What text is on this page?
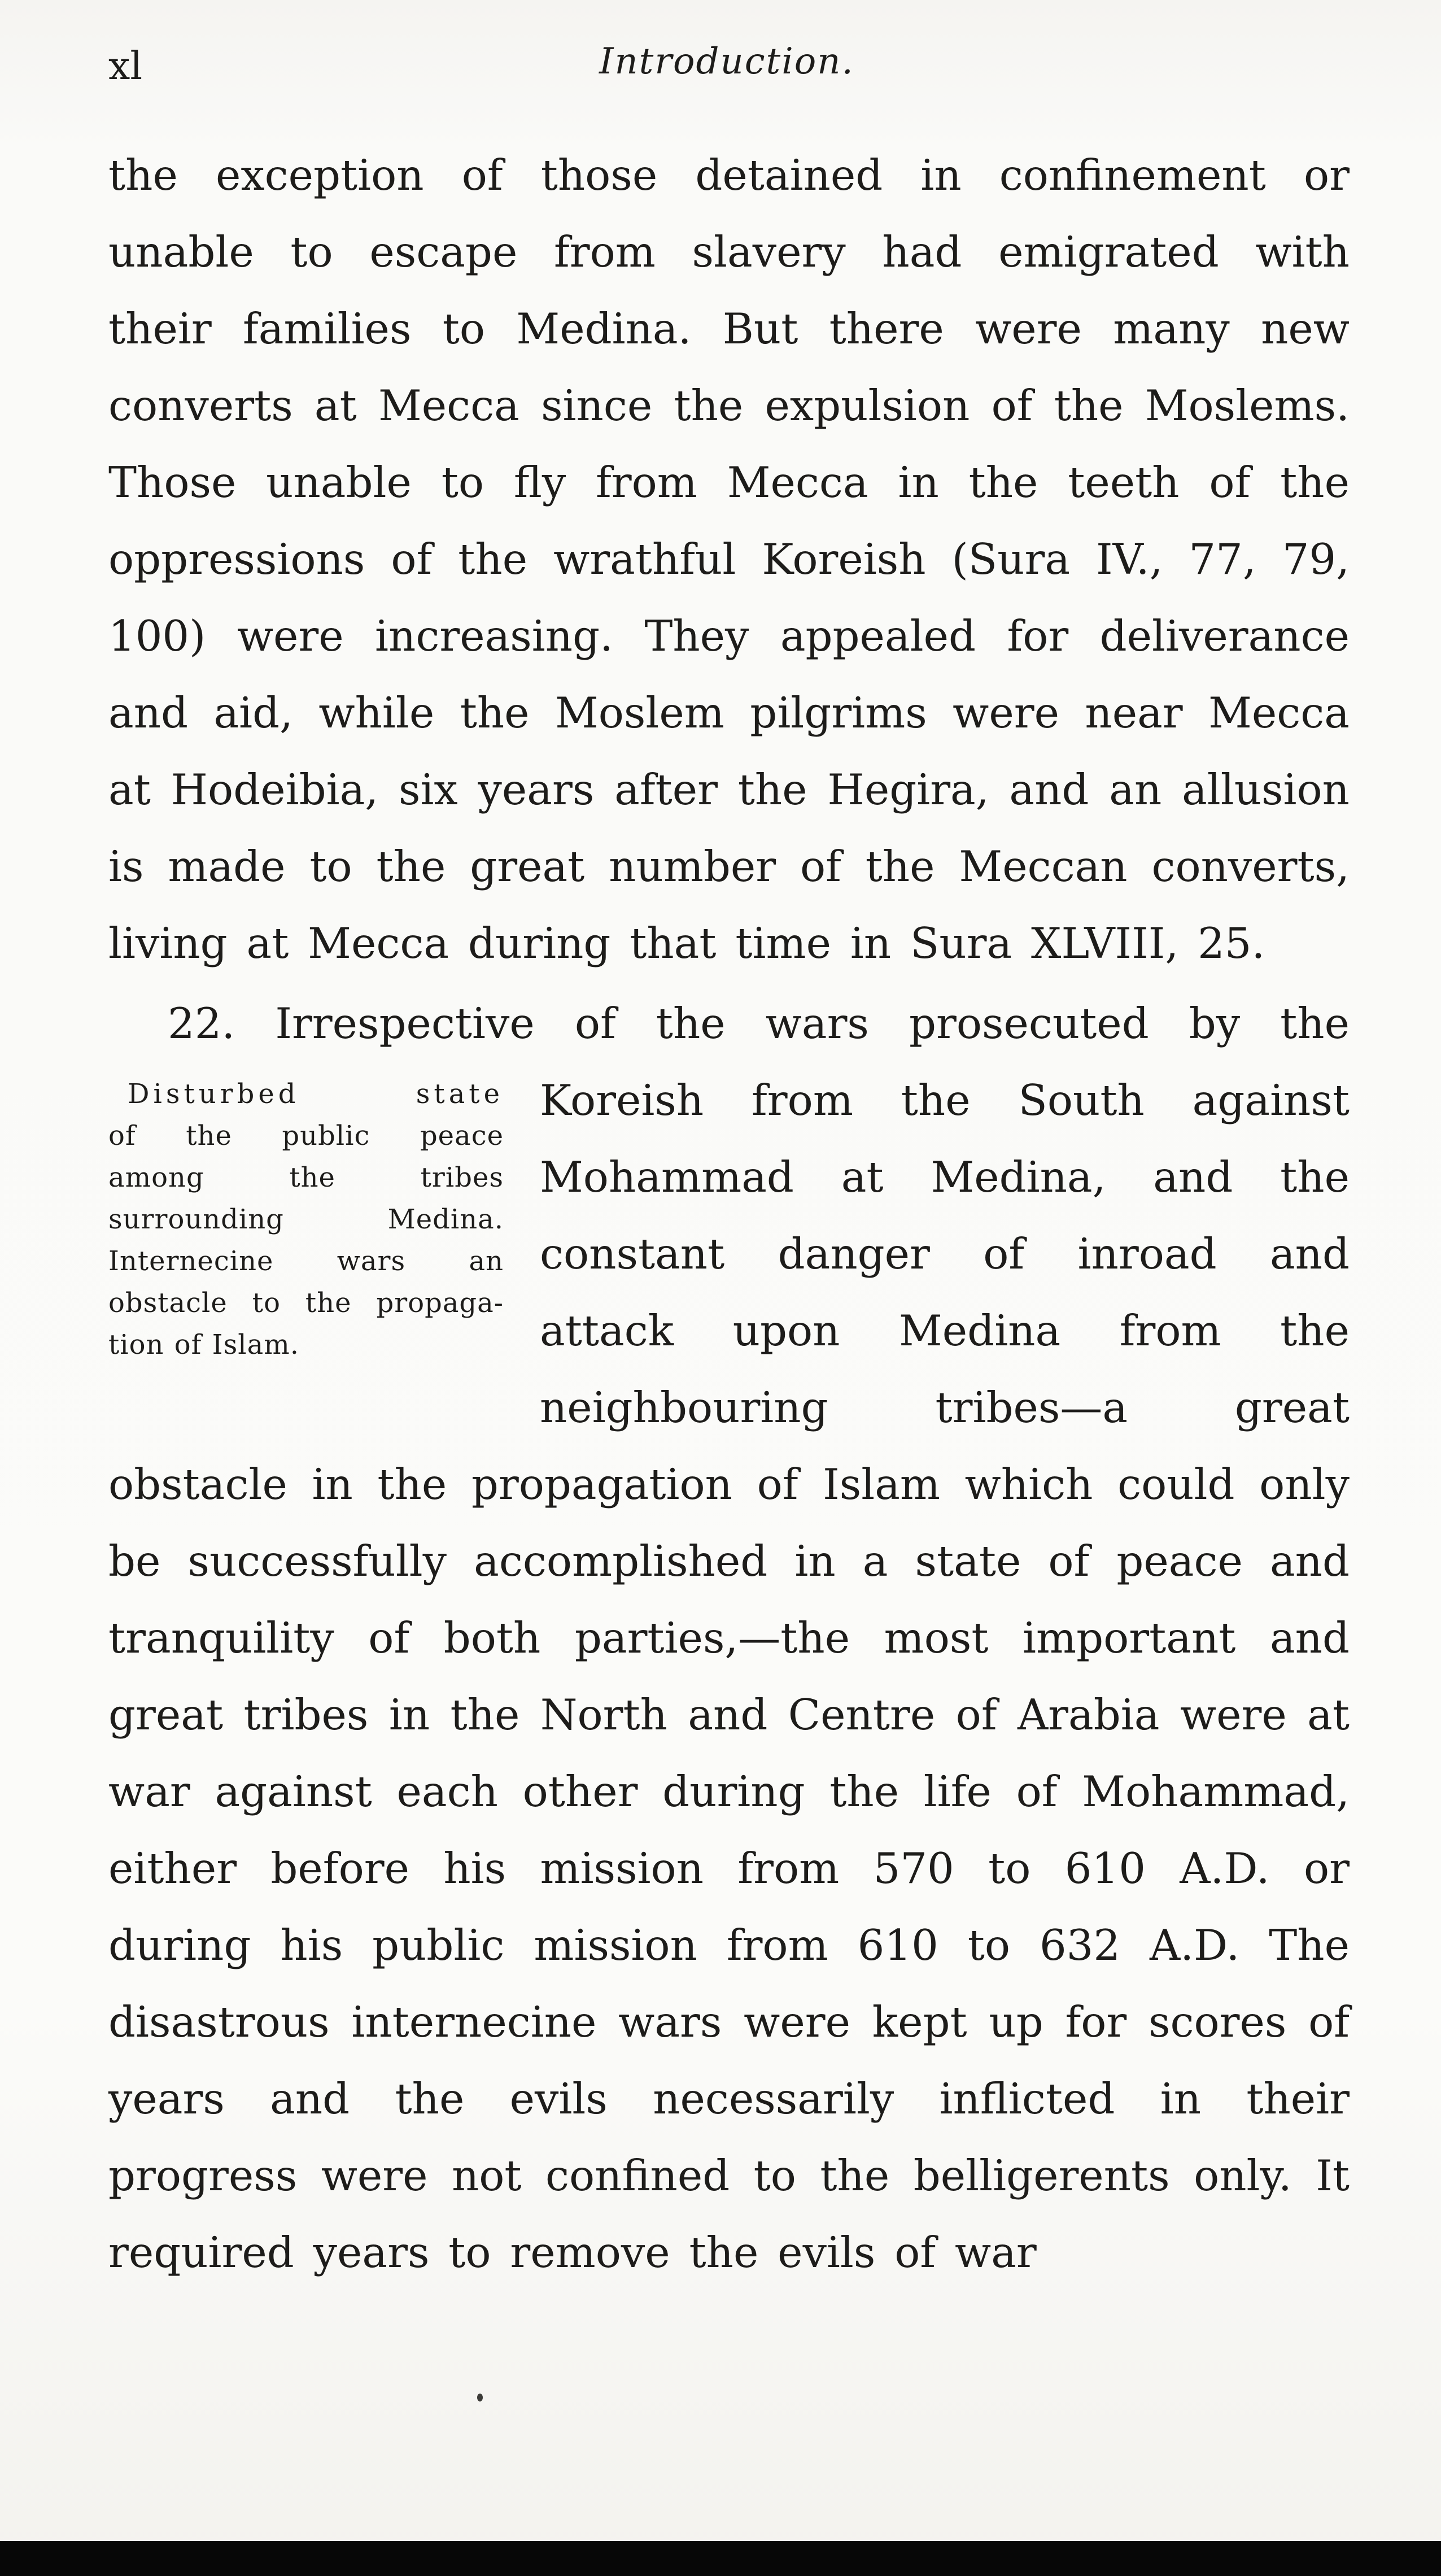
xl	Introduction.

the exception of those detained in confinement or unable to escape from slavery had emigrated with their families to Medina. But there were many new converts at Mecca since the expulsion of the Moslems. Those unable to fly from Mecca in the teeth of the oppressions of the wrathful Koreish (Sura IV., 77, 79, 100) were increasing. They appealed for deliverance and aid, while the Moslem pilgrims were near Mecca at Hodeibia, six years after the Hegira, and an allusion is made to the great number of the Meccan converts, living at Mecca during that time in Sura XLVIII, 25.

22. Irrespective of the wars prosecuted by the

Disturbed state
of the public peace
among the tribes
surrounding Medina.
Internecine wars an
obstacle to the propaga-
tion of Islam.
Koreish from the South against Mohammad at Medina, and the constant danger of inroad and attack upon Medina from the neighbouring tribes—a great obstacle in the propagation of Islam which could only be successfully accomplished in a state of peace and tranquility of both parties,—the most important and great tribes in the North and Centre of Arabia were at war against each other during the life of Mohammad, either before his mission from 570 to 610 A.D. or during his public mission from 610 to 632 A.D. The disastrous internecine wars were kept up for scores of years and the evils necessarily inflicted in their progress were not confined to the belligerents only. It required years to remove the evils of war
